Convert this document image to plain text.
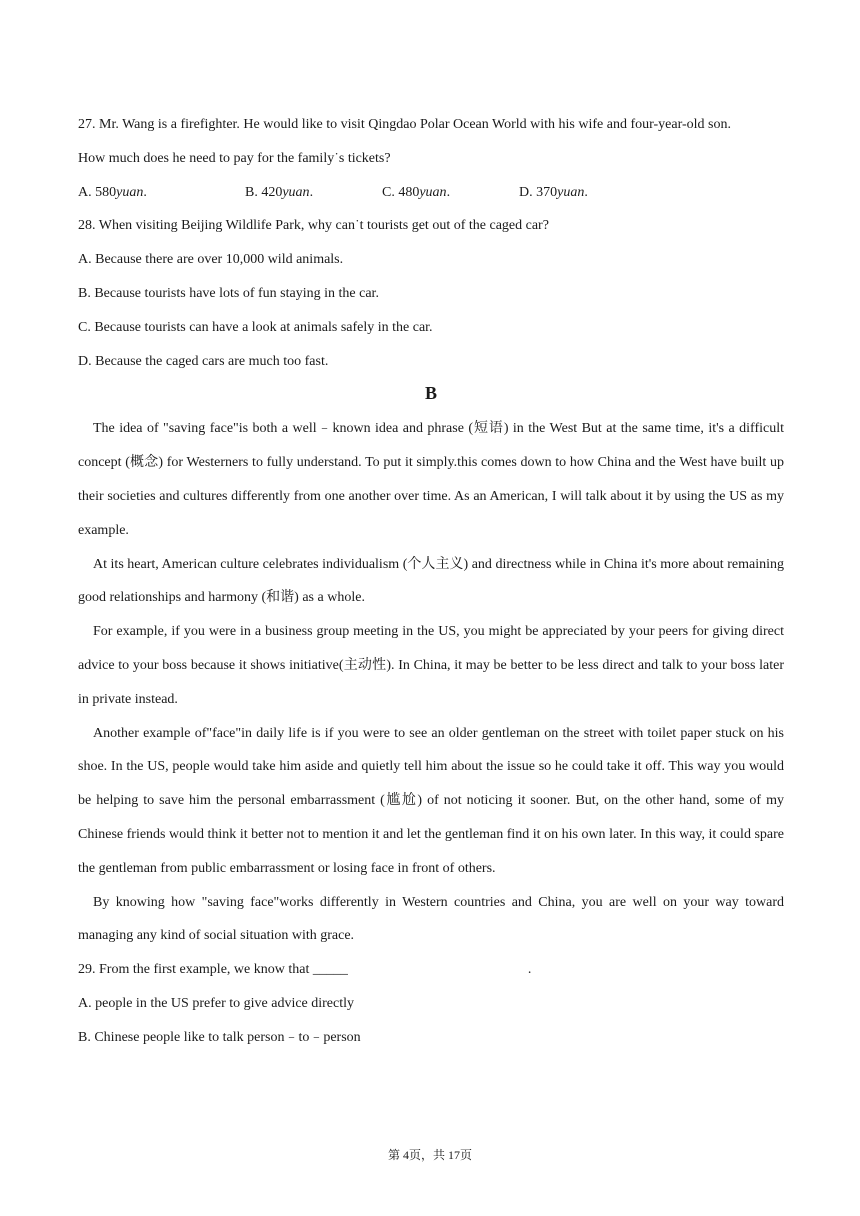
27. Mr. Wang is a firefighter. He would like to visit Qingdao Polar Ocean World with his wife and four-year-old son.
How much does he need to pay for the family˙s tickets?
A. 580yuan.	B. 420yuan.	C. 480yuan.	D. 370yuan.
28. When visiting Beijing Wildlife Park, why can˙t tourists get out of the caged car?
A. Because there are over 10,000 wild animals.
B. Because tourists have lots of fun staying in the car.
C. Because tourists can have a look at animals safely in the car.
D. Because the caged cars are much too fast.
B

The idea of "saving face"is both a well﹣known idea and phrase (短语) in the West But at the same time, it's a difficult concept (概念) for Westerners to fully understand. To put it simply.this comes down to how China and the West have built up their societies and cultures differently from one another over time. As an American, I will talk about it by using the US as my example.

At its heart, American culture celebrates individualism (个人主义) and directness while in China it's more about remaining good relationships and harmony (和谐) as a whole.

For example, if you were in a business group meeting in the US, you might be appreciated by your peers for giving direct advice to your boss because it shows initiative(主动性). In China, it may be better to be less direct and talk to your boss later in private instead.

Another example of"face"in daily life is if you were to see an older gentleman on the street with toilet paper stuck on his shoe. In the US, people would take him aside and quietly tell him about the issue so he could take it off. This way you would be helping to save him the personal embarrassment (尴尬) of not noticing it sooner. But, on the other hand, some of my Chinese friends would think it better not to mention it and let the gentleman find it on his own later. In this way, it could spare the gentleman from public embarrassment or losing face in front of others.

By knowing how "saving face"works differently in Western countries and China, you are well on your way toward managing any kind of social situation with grace.

29. From the first example, we know that _____	.
A. people in the US prefer to give advice directly
B. Chinese people like to talk person﹣to﹣person
第 4页，共 17页
